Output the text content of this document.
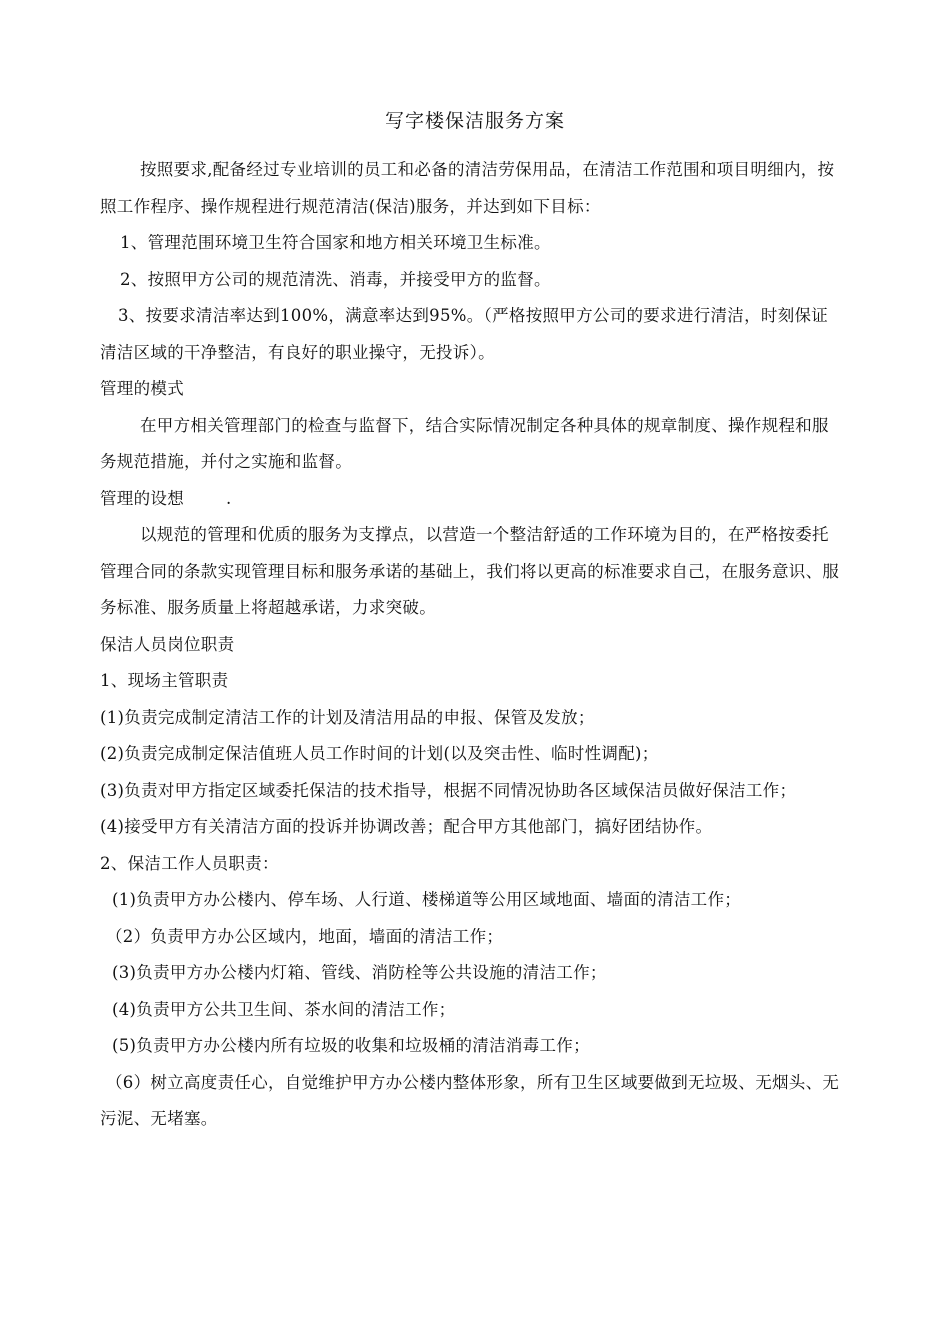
写字楼保洁服务方案

按照要求,配备经过专业培训的员工和必备的清洁劳保用品，在清洁工作范围和项目明细内，按照工作程序、操作规程进行规范清洁(保洁)服务，并达到如下目标：

1、管理范围环境卫生符合国家和地方相关环境卫生标准。

2、按照甲方公司的规范清洗、消毒，并接受甲方的监督。

3、按要求清洁率达到100%，满意率达到95%。（严格按照甲方公司的要求进行清洁，时刻保证清洁区域的干净整洁，有良好的职业操守，无投诉）。

管理的模式

在甲方相关管理部门的检查与监督下，结合实际情况制定各种具体的规章制度、操作规程和服务规范措施，并付之实施和监督。

管理的设想	.

以规范的管理和优质的服务为支撑点，以营造一个整洁舒适的工作环境为目的，在严格按委托管理合同的条款实现管理目标和服务承诺的基础上，我们将以更高的标准要求自己，在服务意识、服务标准、服务质量上将超越承诺，力求突破。

保洁人员岗位职责

1、现场主管职责

(1)负责完成制定清洁工作的计划及清洁用品的申报、保管及发放；

(2)负责完成制定保洁值班人员工作时间的计划(以及突击性、临时性调配)；

(3)负责对甲方指定区域委托保洁的技术指导，根据不同情况协助各区域保洁员做好保洁工作；

(4)接受甲方有关清洁方面的投诉并协调改善；配合甲方其他部门，搞好团结协作。

2、保洁工作人员职责：

(1)负责甲方办公楼内、停车场、人行道、楼梯道等公用区域地面、墙面的清洁工作；

（2）负责甲方办公区域内，地面，墙面的清洁工作；

(3)负责甲方办公楼内灯箱、管线、消防栓等公共设施的清洁工作；

(4)负责甲方公共卫生间、茶水间的清洁工作；

(5)负责甲方办公楼内所有垃圾的收集和垃圾桶的清洁消毒工作；

（6）树立高度责任心，自觉维护甲方办公楼内整体形象，所有卫生区域要做到无垃圾、无烟头、无污泥、无堵塞。
